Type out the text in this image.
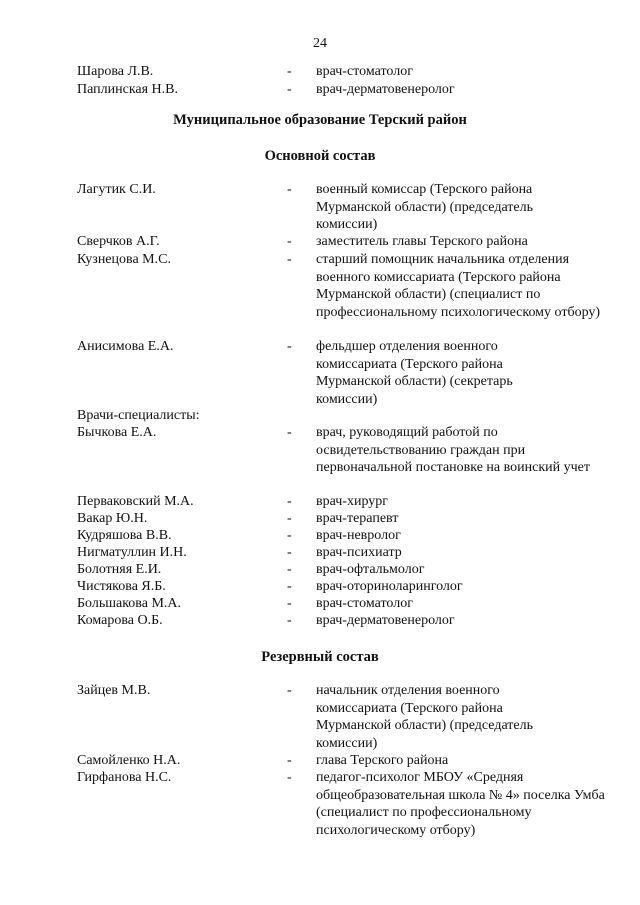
24
Шарова Л.В.	- врач-стоматолог
Паплинская Н.В.	- врач-дерматовенеролог
Муниципальное образование Терский район
Основной состав
Лагутик С.И.	- военный комиссар (Терского района Мурманской области) (председатель комиссии)
Сверчков А.Г.	- заместитель главы Терского района
Кузнецова М.С.	- старший помощник начальника отделения военного комиссариата (Терского района Мурманской области) (специалист по профессиональному психологическому отбору)
Анисимова Е.А.	- фельдшер отделения военного комиссариата (Терского района Мурманской области) (секретарь комиссии)
Врачи-специалисты:
Бычкова Е.А.	- врач, руководящий работой по освидетельствованию граждан при первоначальной постановке на воинский учет
Перваковский М.А.	- врач-хирург
Вакар Ю.Н.	- врач-терапевт
Кудряшова В.В.	- врач-невролог
Нигматуллин И.Н.	- врач-психиатр
Болотняя Е.И.	- врач-офтальмолог
Чистякова Я.Б.	- врач-оториноларинголог
Большакова М.А.	- врач-стоматолог
Комарова О.Б.	- врач-дерматовенеролог
Резервный состав
Зайцев М.В.	- начальник отделения военного комиссариата (Терского района Мурманской области) (председатель комиссии)
Самойленко Н.А.	- глава Терского района
Гирфанова Н.С.	- педагог-психолог МБОУ «Средняя общеобразовательная школа № 4» поселка Умба (специалист по профессиональному психологическому отбору)
